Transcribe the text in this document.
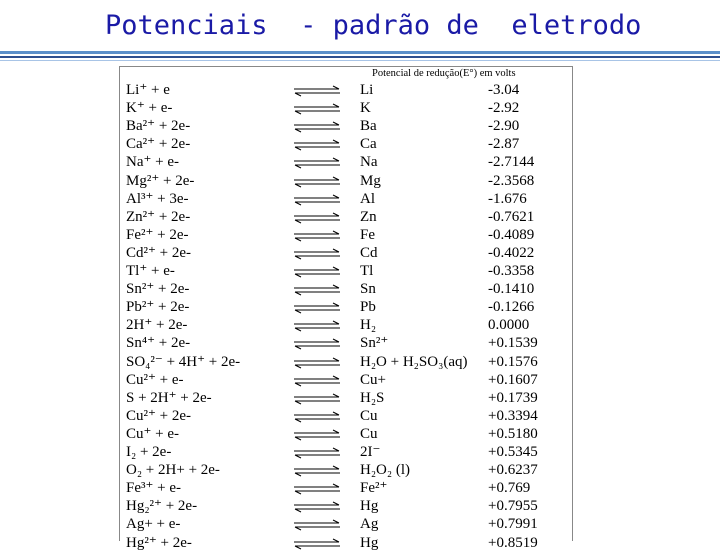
Potenciais  - padrão de  eletrodo
Potencial de redução(E°) em volts
Li⁺ + e	⇌ Li	-3.04
K⁺ + e-	⇌ K	-2.92
Ba²⁺ + 2e-	⇌ Ba	-2.90
Ca²⁺ + 2e-	⇌ Ca	-2.87
Na⁺ + e-	⇌ Na	-2.7144
Mg²⁺ + 2e-	⇌ Mg	-2.3568
Al³⁺ + 3e-	⇌ Al	-1.676
Zn²⁺ + 2e-	⇌ Zn	-0.7621
Fe²⁺ + 2e-	⇌ Fe	-0.4089
Cd²⁺ + 2e-	⇌ Cd	-0.4022
Tl⁺ + e-	⇌ Tl	-0.3358
Sn²⁺ + 2e-	⇌ Sn	-0.1410
Pb²⁺ + 2e-	⇌ Pb	-0.1266
2H⁺ + 2e-	⇌ H₂	0.0000
Sn⁴⁺ + 2e-	⇌ Sn²⁺	+0.1539
SO₄²⁻ + 4H⁺ + 2e-	⇌ H₂O + H₂SO₃(aq) +0.1576
Cu²⁺ + e-	⇌ Cu+	+0.1607
S + 2H⁺ + 2e-	⇌ H₂S	+0.1739
Cu²⁺ + 2e-	⇌ Cu	+0.3394
Cu⁺ + e-	⇌ Cu	+0.5180
I₂ + 2e-	⇌ 2I⁻	+0.5345
O₂ + 2H+ + 2e-	⇌ H₂O₂ (l)	+0.6237
Fe³⁺ + e-	⇌ Fe²⁺	+0.769
Hg₂²⁺ + 2e-	⇌ Hg	+0.7955
Ag+ + e-	⇌ Ag	+0.7991
Hg²⁺ + 2e-	⇌ Hg	+0.8519
